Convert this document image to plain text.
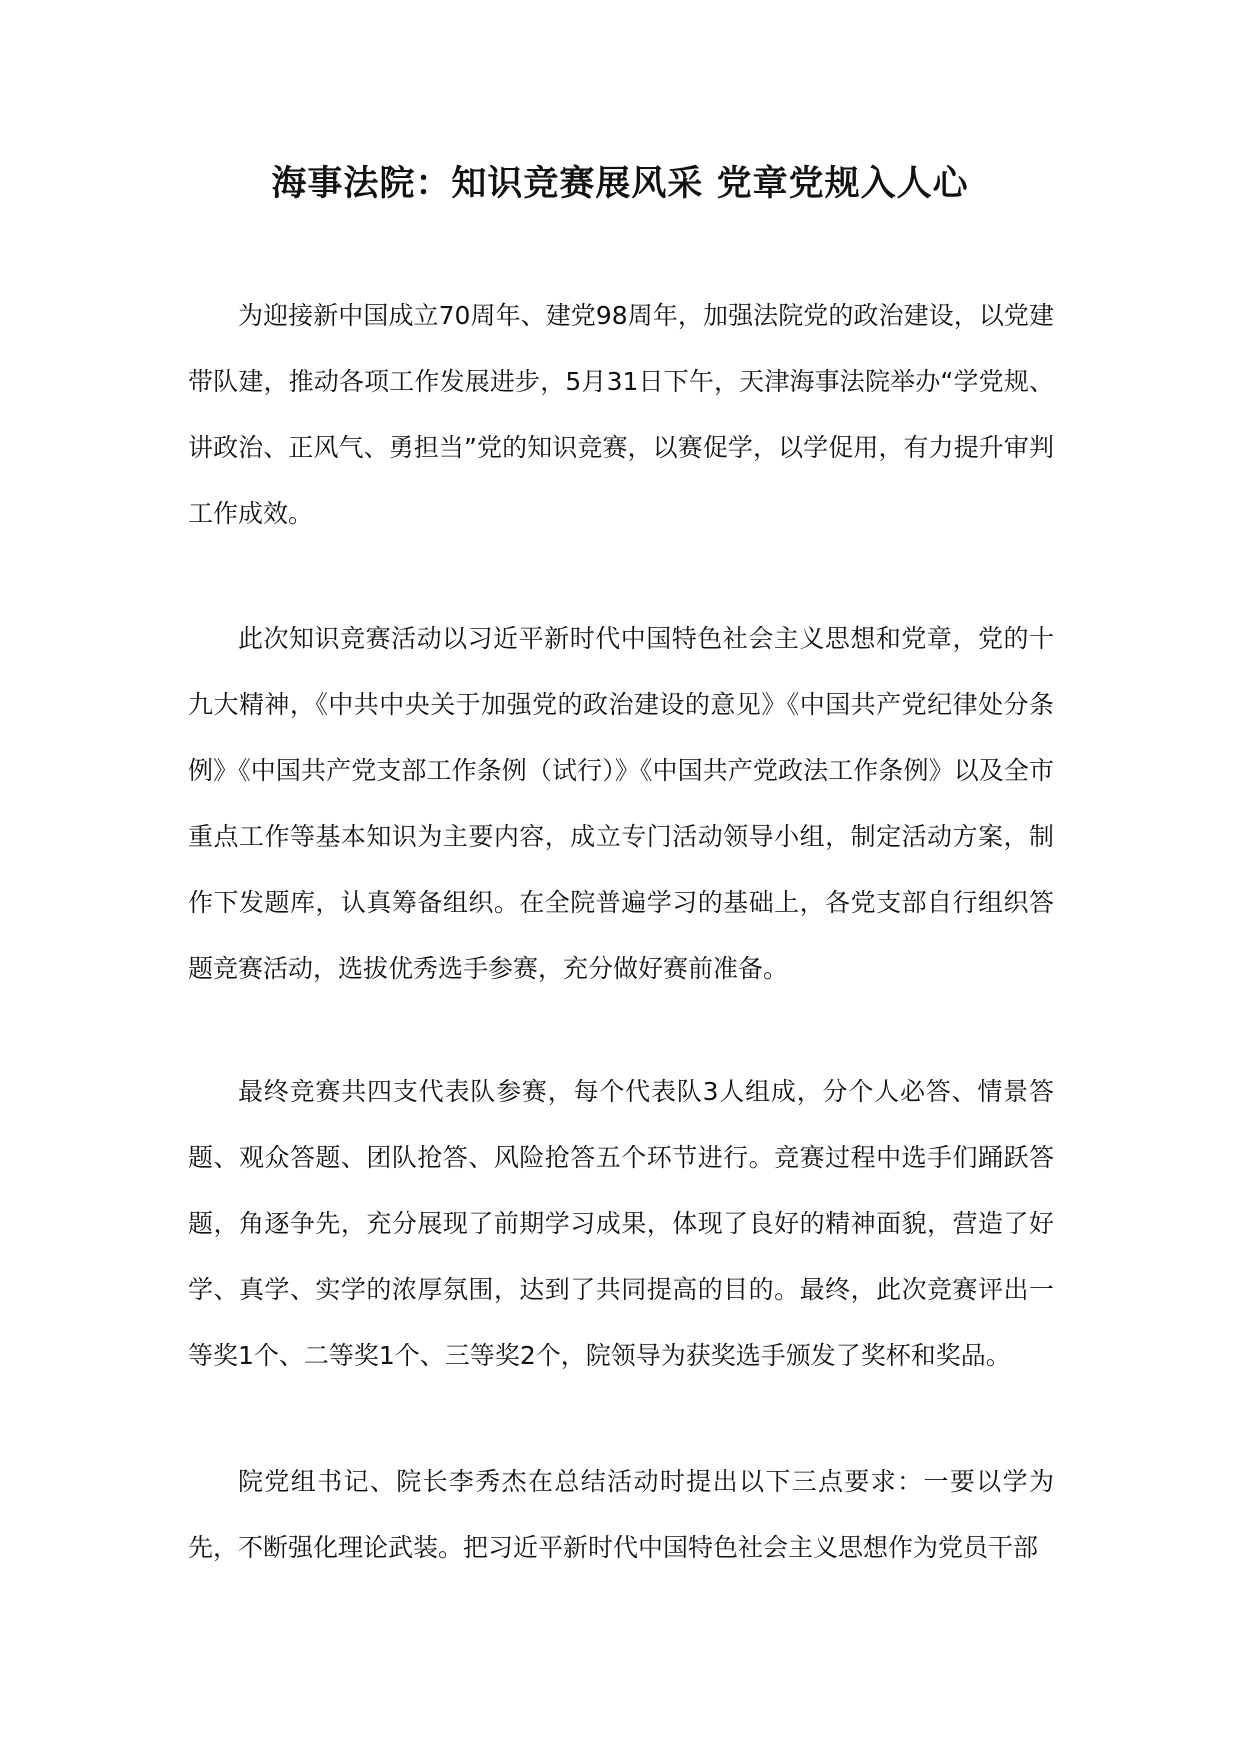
海事法院：知识竞赛展风采 党章党规入人心

为迎接新中国成立70周年、建党98周年，加强法院党的政治建设，以党建带队建，推动各项工作发展进步，5月31日下午，天津海事法院举办“学党规、讲政治、正风气、勇担当”党的知识竞赛，以赛促学，以学促用，有力提升审判工作成效。

此次知识竞赛活动以习近平新时代中国特色社会主义思想和党章，党的十九大精神，《中共中央关于加强党的政治建设的意见》《中国共产党纪律处分条例》《中国共产党支部工作条例（试行）》《中国共产党政法工作条例》以及全市重点工作等基本知识为主要内容，成立专门活动领导小组，制定活动方案，制作下发题库，认真筹备组织。在全院普遍学习的基础上，各党支部自行组织答题竞赛活动，选拔优秀选手参赛，充分做好赛前准备。

最终竞赛共四支代表队参赛，每个代表队3人组成，分个人必答、情景答题、观众答题、团队抢答、风险抢答五个环节进行。竞赛过程中选手们踊跃答题，角逐争先，充分展现了前期学习成果，体现了良好的精神面貌，营造了好学、真学、实学的浓厚氛围，达到了共同提高的目的。最终，此次竞赛评出一等奖1个、二等奖1个、三等奖2个，院领导为获奖选手颁发了奖杯和奖品。

院党组书记、院长李秀杰在总结活动时提出以下三点要求：一要以学为先，不断强化理论武装。把习近平新时代中国特色社会主义思想作为党员干部
